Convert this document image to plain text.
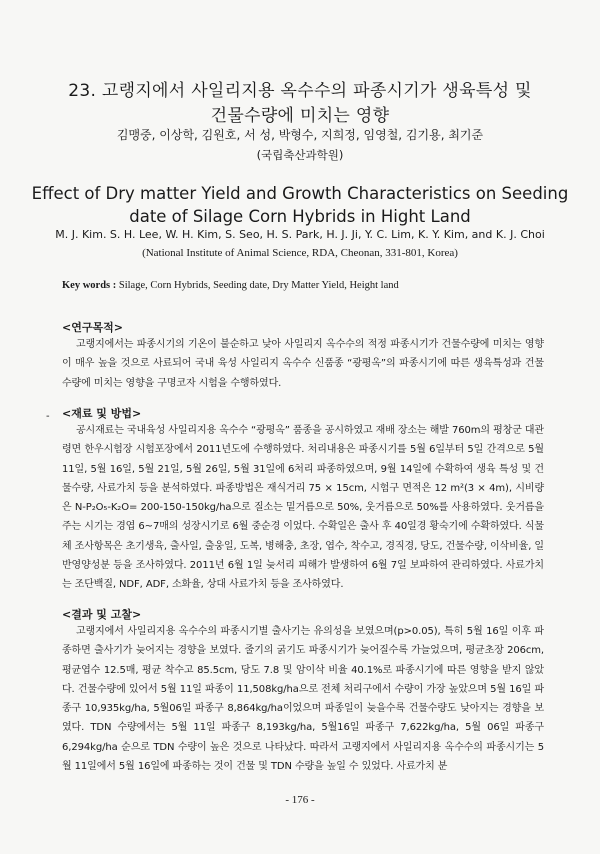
23. 고랭지에서 사일리지용 옥수수의 파종시기가 생육특성 및
건물수량에 미치는 영향
김맹중, 이상학, 김원호, 서 성, 박형수, 지희정, 임영철, 김기용, 최기준
(국립축산과학원)
Effect of Dry matter Yield and Growth Characteristics on Seeding
date of Silage Corn Hybrids in Hight Land
M. J. Kim. S. H. Lee, W. H. Kim, S. Seo, H. S. Park, H. J. Ji, Y. C. Lim, K. Y. Kim, and K. J. Choi
(National Institute of Animal Science, RDA, Cheonan, 331-801, Korea)
Key words : Silage, Corn Hybrids, Seeding date, Dry Matter Yield, Height land
<연구목적>

고랭지에서는 파종시기의 기온이 불순하고 낮아 사일리지 옥수수의 적정 파종시기가 건물수량에 미치는 영향이 매우 높을 것으로 사료되어 국내 육성 사일리지 옥수수 신품종 “광평옥”의 파종시기에 따른 생육특성과 건물수량에 미치는 영향을 구명코자 시험을 수행하였다.

- <재료 및 방법>

공시재료는 국내육성 사일리지용 옥수수 “광평옥” 품종을 공시하였고 재배 장소는 해발 760m의 평창군 대관령면 한우시험장 시험포장에서 2011년도에 수행하였다. 처리내용은 파종시기를 5월 6일부터 5일 간격으로 5월 11일, 5월 16일, 5월 21일, 5월 26일, 5월 31일에 6처리 파종하였으며, 9월 14일에 수확하여 생육 특성 및 건물수량, 사료가치 등을 분석하였다. 파종방법은 재식거리 75 × 15cm, 시험구 면적은 12 m²(3 × 4m), 시비량은 N-P₂O₅-K₂O= 200-150-150kg/ha으로 질소는 밑거름으로 50%, 웃거름으로 50%를 사용하였다. 웃거름을 주는 시기는 경엽 6~7매의 성장시기로 6월 중순경 이었다. 수확일은 출사 후 40일경 황숙기에 수확하였다. 식물체 조사항목은 초기생육, 출사일, 출웅일, 도복, 병해충, 초장, 엽수, 착수고, 경직경, 당도, 건물수량, 이삭비율, 일반영양성분 등을 조사하였다. 2011년 6월 1일 늦서리 피해가 발생하여 6월 7일 보파하여 관리하였다. 사료가치는 조단백질, NDF, ADF, 소화율, 상대 사료가치 등을 조사하였다.

<결과 및 고찰>

고랭지에서 사일리지용 옥수수의 파종시기별 출사기는 유의성을 보였으며(p>0.05), 특히 5월 16일 이후 파종하면 출사기가 늦어지는 경향을 보였다. 줄기의 굵기도 파종시기가 늦어질수록 가늘었으며, 평균초장 206cm, 평균엽수 12.5매, 평균 착수고 85.5cm, 당도 7.8 및 암이삭 비율 40.1%로 파종시기에 따른 영향을 받지 않았다. 건물수량에 있어서 5월 11일 파종이 11,508kg/ha으로 전체 처리구에서 수량이 가장 높았으며 5월 16일 파종구 10,935kg/ha, 5월06일 파종구 8,864kg/ha이었으며 파종일이 늦을수록 건물수량도 낮아지는 경향을 보였다. TDN 수량에서는 5월 11일 파종구 8,193kg/ha, 5월16일 파종구 7,622kg/ha, 5월 06일 파종구 6,294kg/ha 순으로 TDN 수량이 높은 것으로 나타났다. 따라서 고랭지에서 사일리지용 옥수수의 파종시기는 5월 11일에서 5월 16일에 파종하는 것이 건물 및 TDN 수량을 높일 수 있었다. 사료가치 분

- 176 -
